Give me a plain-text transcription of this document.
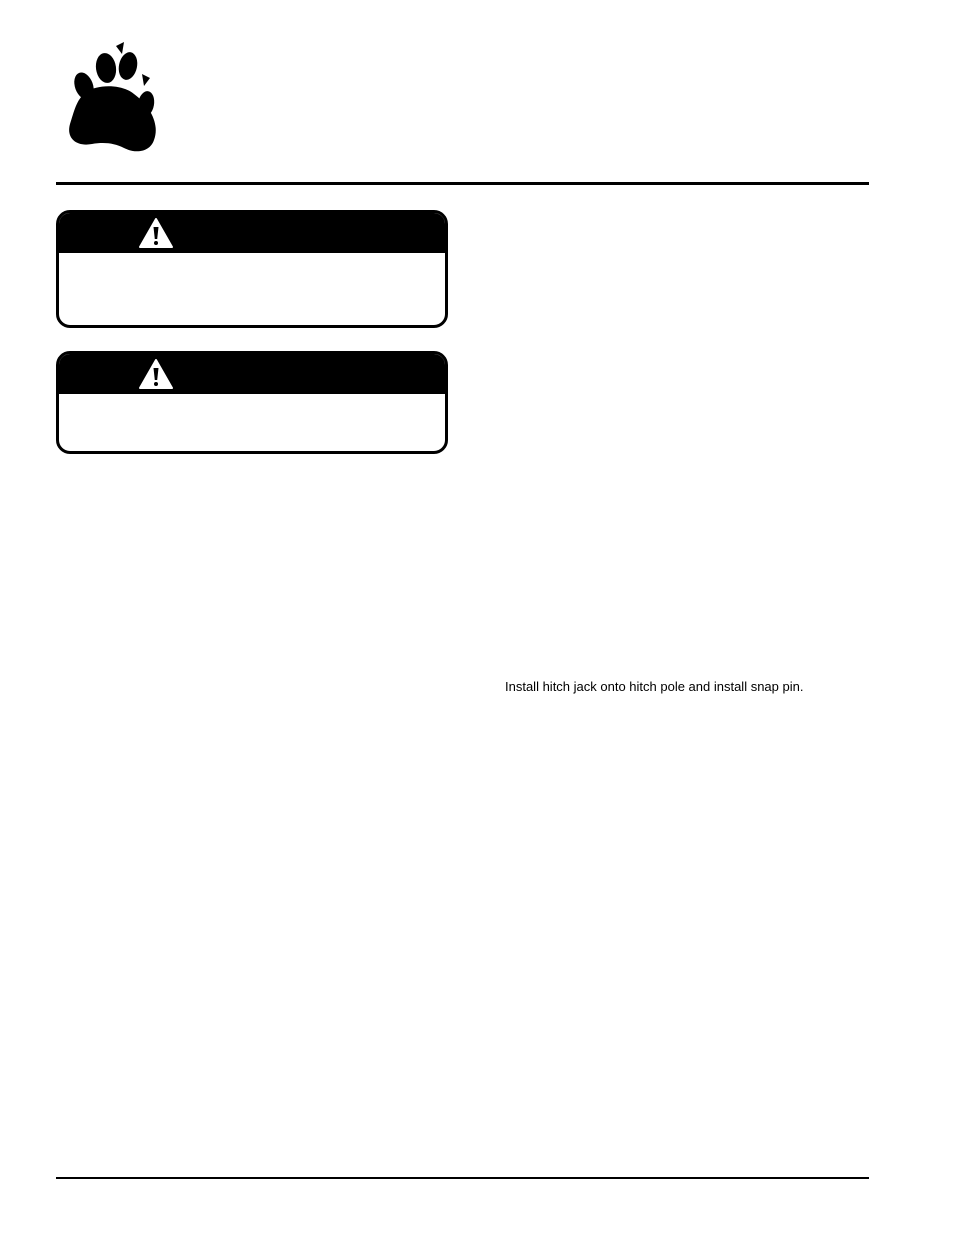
Install hitch jack onto hitch pole and install snap pin.
